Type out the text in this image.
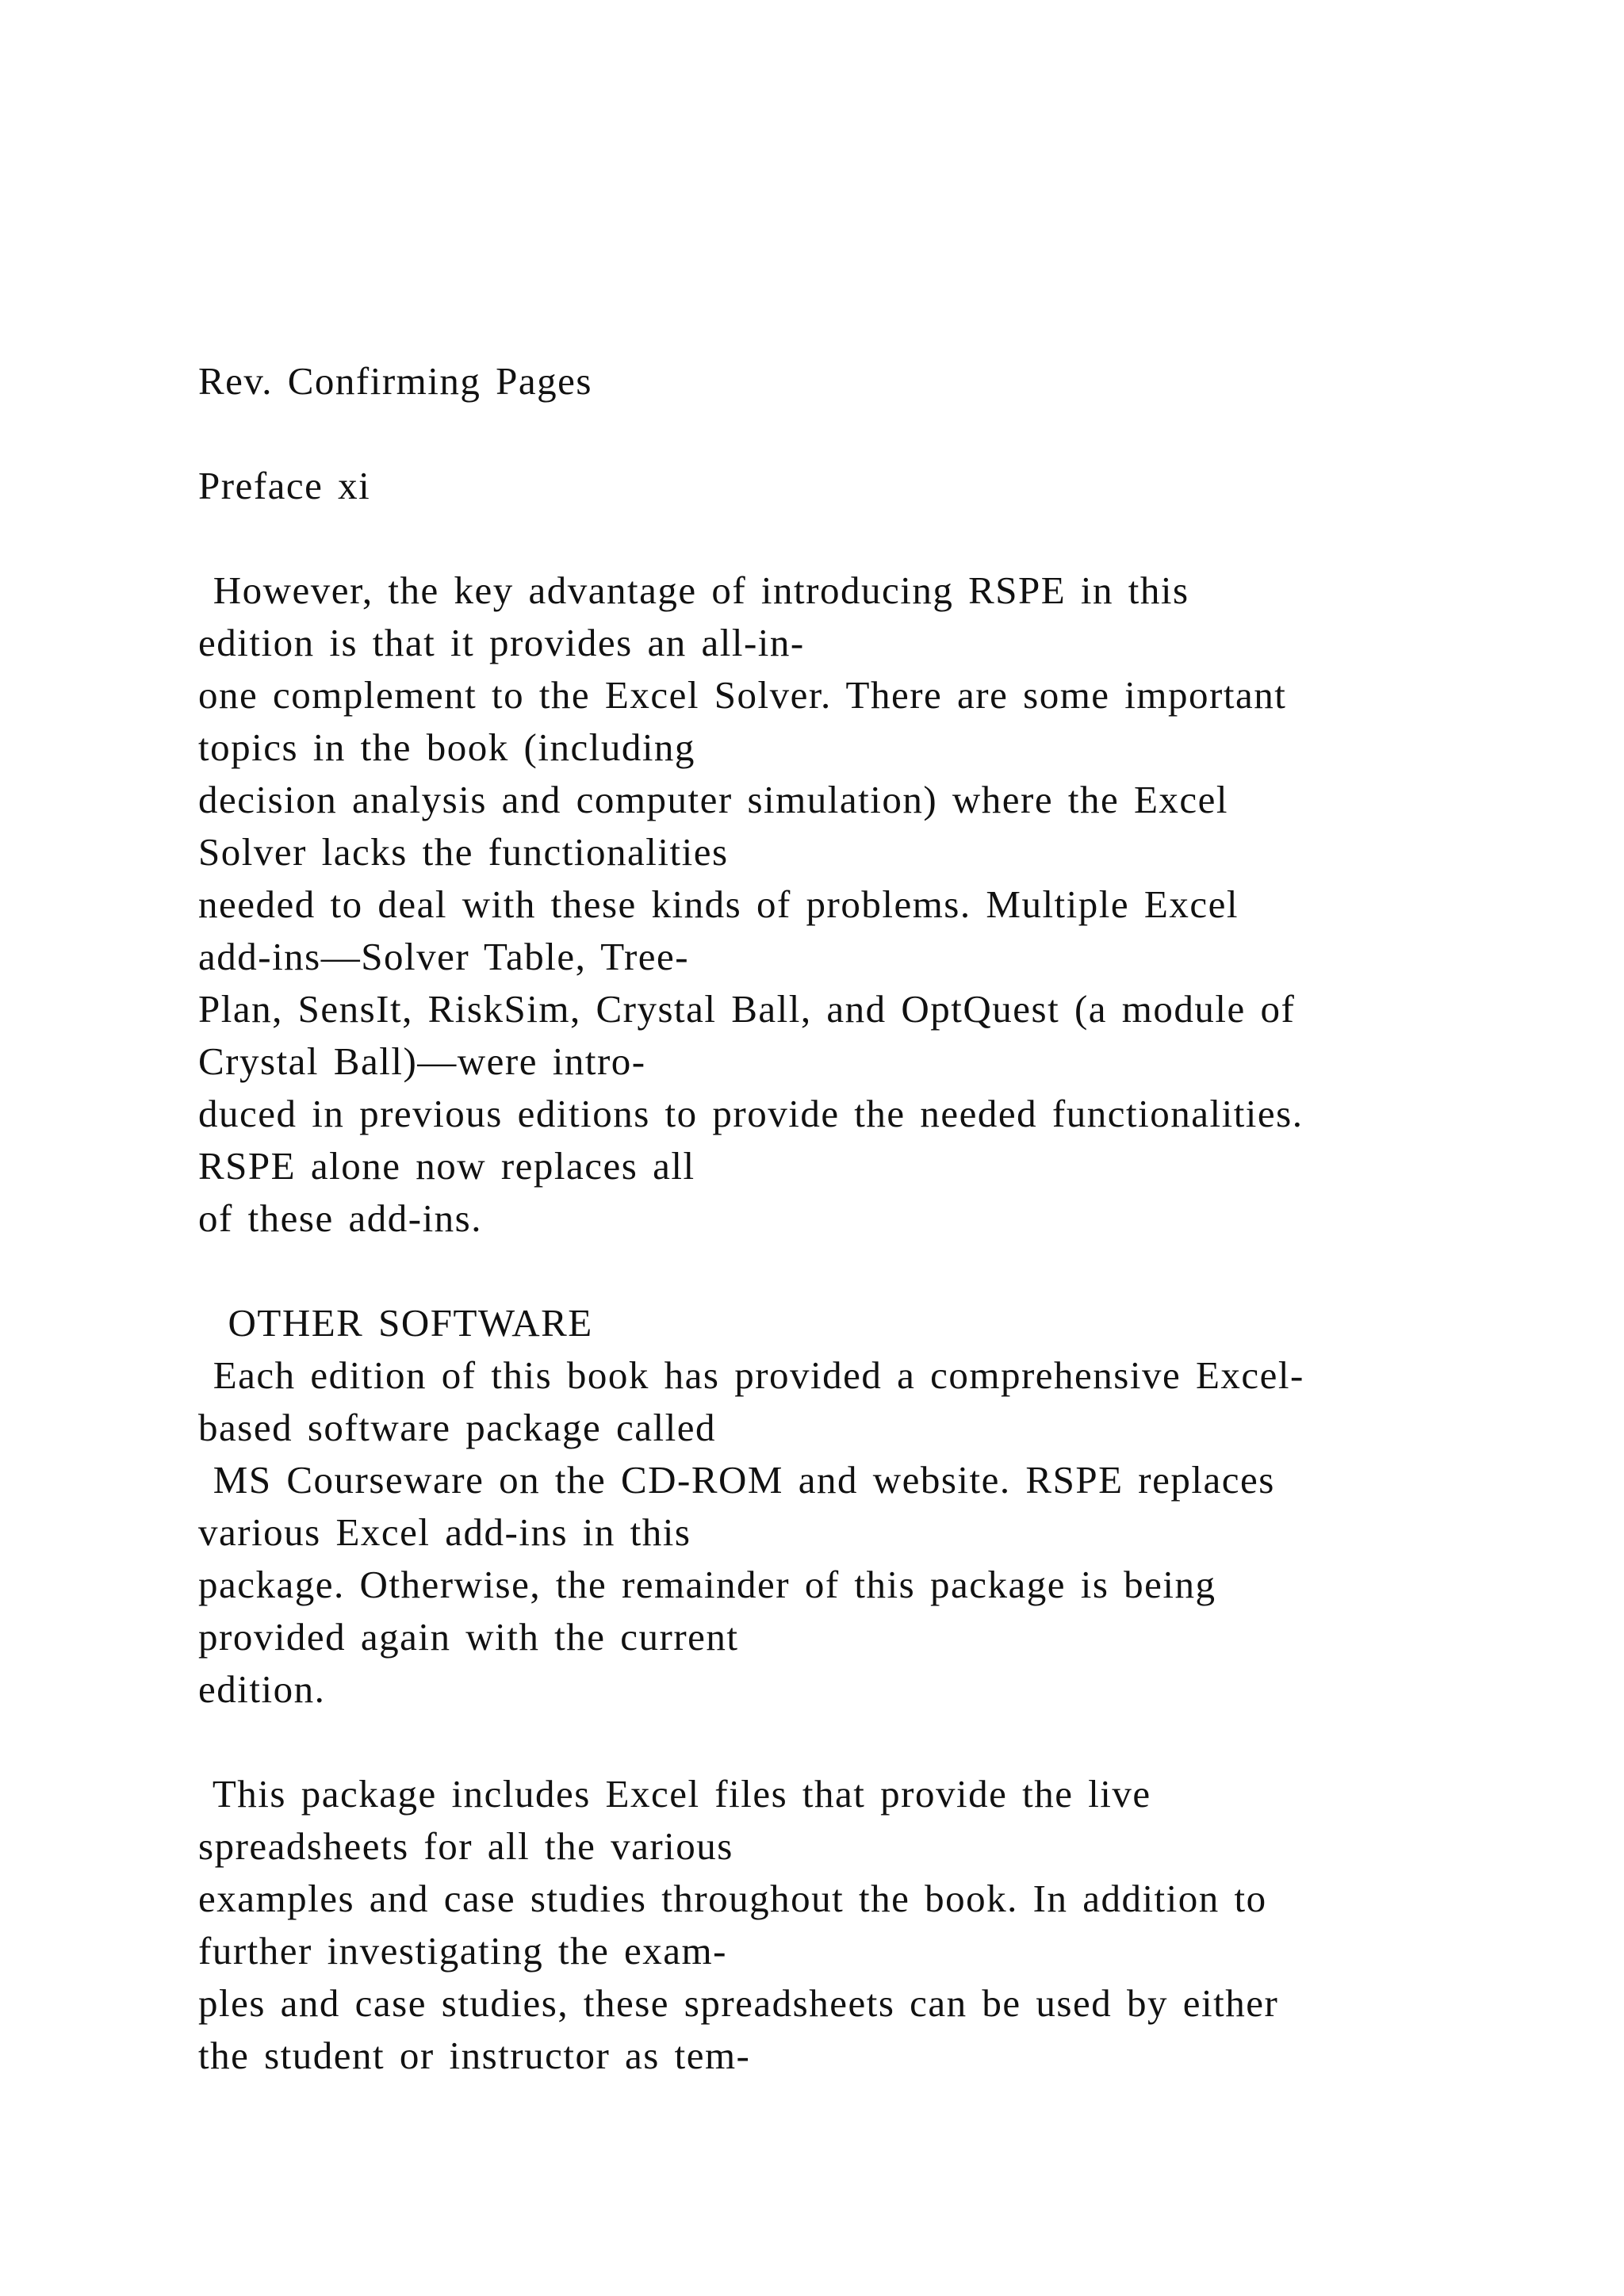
Rev. Confirming Pages
Preface xi
However, the key advantage of introducing RSPE in this
edition is that it provides an all-in-
one complement to the Excel Solver. There are some important
topics in the book (including
decision analysis and computer simulation) where the Excel
Solver lacks the functionalities
needed to deal with these kinds of problems. Multiple Excel
add-ins—Solver Table, Tree-
Plan, SensIt, RiskSim, Crystal Ball, and OptQuest (a module of
Crystal Ball)—were intro-
duced in previous editions to provide the needed functionalities.
RSPE alone now replaces all
of these add-ins.
OTHER SOFTWARE
Each edition of this book has provided a comprehensive Excel-
based software package called
MS Courseware on the CD-ROM and website. RSPE replaces
various Excel add-ins in this
package. Otherwise, the remainder of this package is being
provided again with the current
edition.
This package includes Excel files that provide the live
spreadsheets for all the various
examples and case studies throughout the book. In addition to
further investigating the exam-
ples and case studies, these spreadsheets can be used by either
the student or instructor as tem-
